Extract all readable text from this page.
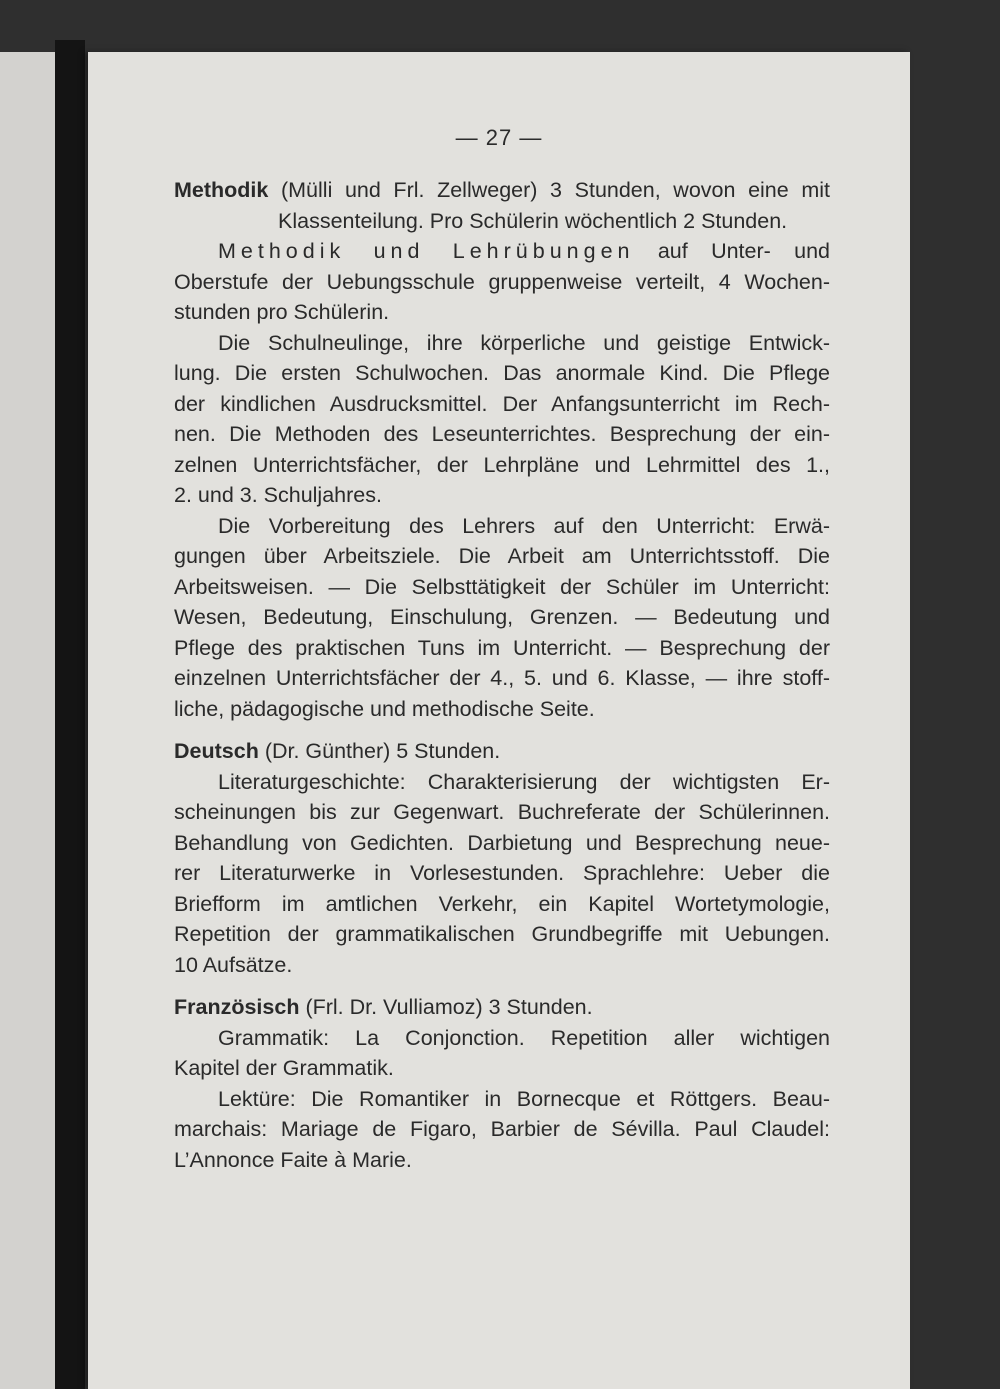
— 27 —
Methodik (Mülli und Frl. Zellweger) 3 Stunden, wovon eine mit
Klassenteilung. Pro Schülerin wöchentlich 2 Stunden.
Methodik und Lehrübungen auf Unter- und
Oberstufe der Uebungsschule gruppenweise verteilt, 4 Wochen-
stunden pro Schülerin.
Die Schulneulinge, ihre körperliche und geistige Entwick-
lung. Die ersten Schulwochen. Das anormale Kind. Die Pflege
der kindlichen Ausdrucksmittel. Der Anfangsunterricht im Rech-
nen. Die Methoden des Leseunterrichtes. Besprechung der ein-
zelnen Unterrichtsfächer, der Lehrpläne und Lehrmittel des 1.,
2. und 3. Schuljahres.
Die Vorbereitung des Lehrers auf den Unterricht: Erwä-
gungen über Arbeitsziele. Die Arbeit am Unterrichtsstoff. Die
Arbeitsweisen. — Die Selbsttätigkeit der Schüler im Unterricht:
Wesen, Bedeutung, Einschulung, Grenzen. — Bedeutung und
Pflege des praktischen Tuns im Unterricht. — Besprechung der
einzelnen Unterrichtsfächer der 4., 5. und 6. Klasse, — ihre stoff-
liche, pädagogische und methodische Seite.
Deutsch (Dr. Günther) 5 Stunden.
Literaturgeschichte: Charakterisierung der wichtigsten Er-
scheinungen bis zur Gegenwart. Buchreferate der Schülerinnen.
Behandlung von Gedichten. Darbietung und Besprechung neue-
rer Literaturwerke in Vorlesestunden. Sprachlehre: Ueber die
Briefform im amtlichen Verkehr, ein Kapitel Wortetymologie,
Repetition der grammatikalischen Grundbegriffe mit Uebungen.
10 Aufsätze.
Französisch (Frl. Dr. Vulliamoz) 3 Stunden.
Grammatik: La Conjonction. Repetition aller wichtigen
Kapitel der Grammatik.
Lektüre: Die Romantiker in Bornecque et Röttgers. Beau-
marchais: Mariage de Figaro, Barbier de Sévilla. Paul Claudel:
L’Annonce Faite à Marie.
